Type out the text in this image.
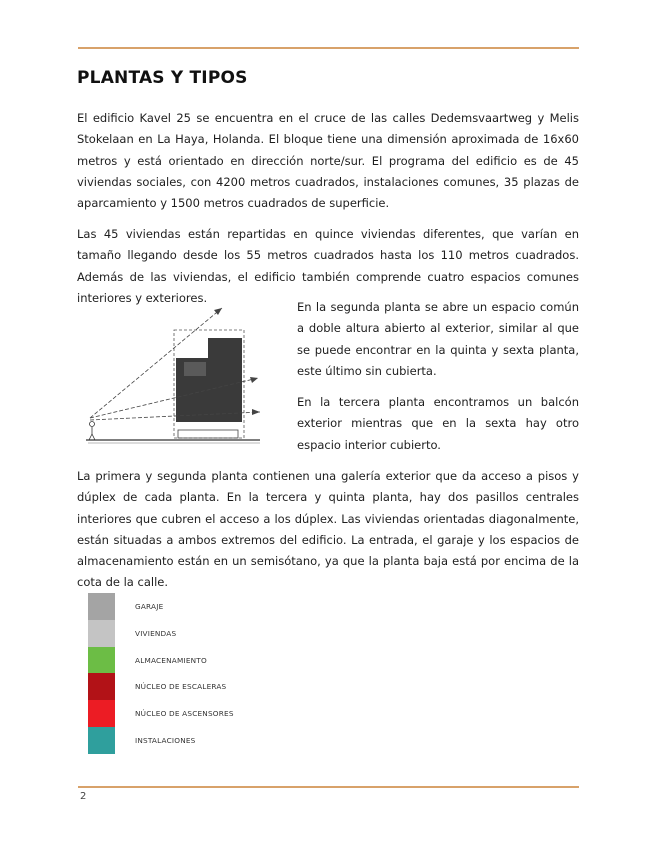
PLANTAS Y TIPOS

El edificio Kavel 25 se encuentra en el cruce de las calles Dedemsvaartweg y Melis Stokelaan en La Haya, Holanda. El bloque tiene una dimensión aproximada de 16x60 metros y está orientado en dirección norte/sur. El programa del edificio es de 45 viviendas sociales, con 4200 metros cuadrados, instalaciones comunes, 35 plazas de aparcamiento y 1500 metros cuadrados de superficie.

Las 45 viviendas están repartidas en quince viviendas diferentes, que varían en tamaño llegando desde los 55 metros cuadrados hasta los 110 metros cuadrados. Además de las viviendas, el edificio también comprende cuatro espacios comunes interiores y exteriores.

En la segunda planta se abre un espacio común a doble altura abierto al exterior, similar al que se puede encontrar en la quinta y sexta planta, este último sin cubierta.

En la tercera planta encontramos un balcón exterior mientras que en la sexta hay otro espacio interior cubierto.

La primera y segunda planta contienen una galería exterior que da acceso a pisos y dúplex de cada planta. En la tercera y quinta planta, hay dos pasillos centrales interiores que cubren el acceso a los dúplex. Las viviendas orientadas diagonalmente, están situadas a ambos extremos del edificio. La entrada, el garaje y los espacios de almacenamiento están en un semisótano, ya que la planta baja está por encima de la cota de la calle.

GARAJE
VIVIENDAS
ALMACENAMIENTO
NÚCLEO DE ESCALERAS
NÚCLEO DE ASCENSORES
INSTALACIONES
2
